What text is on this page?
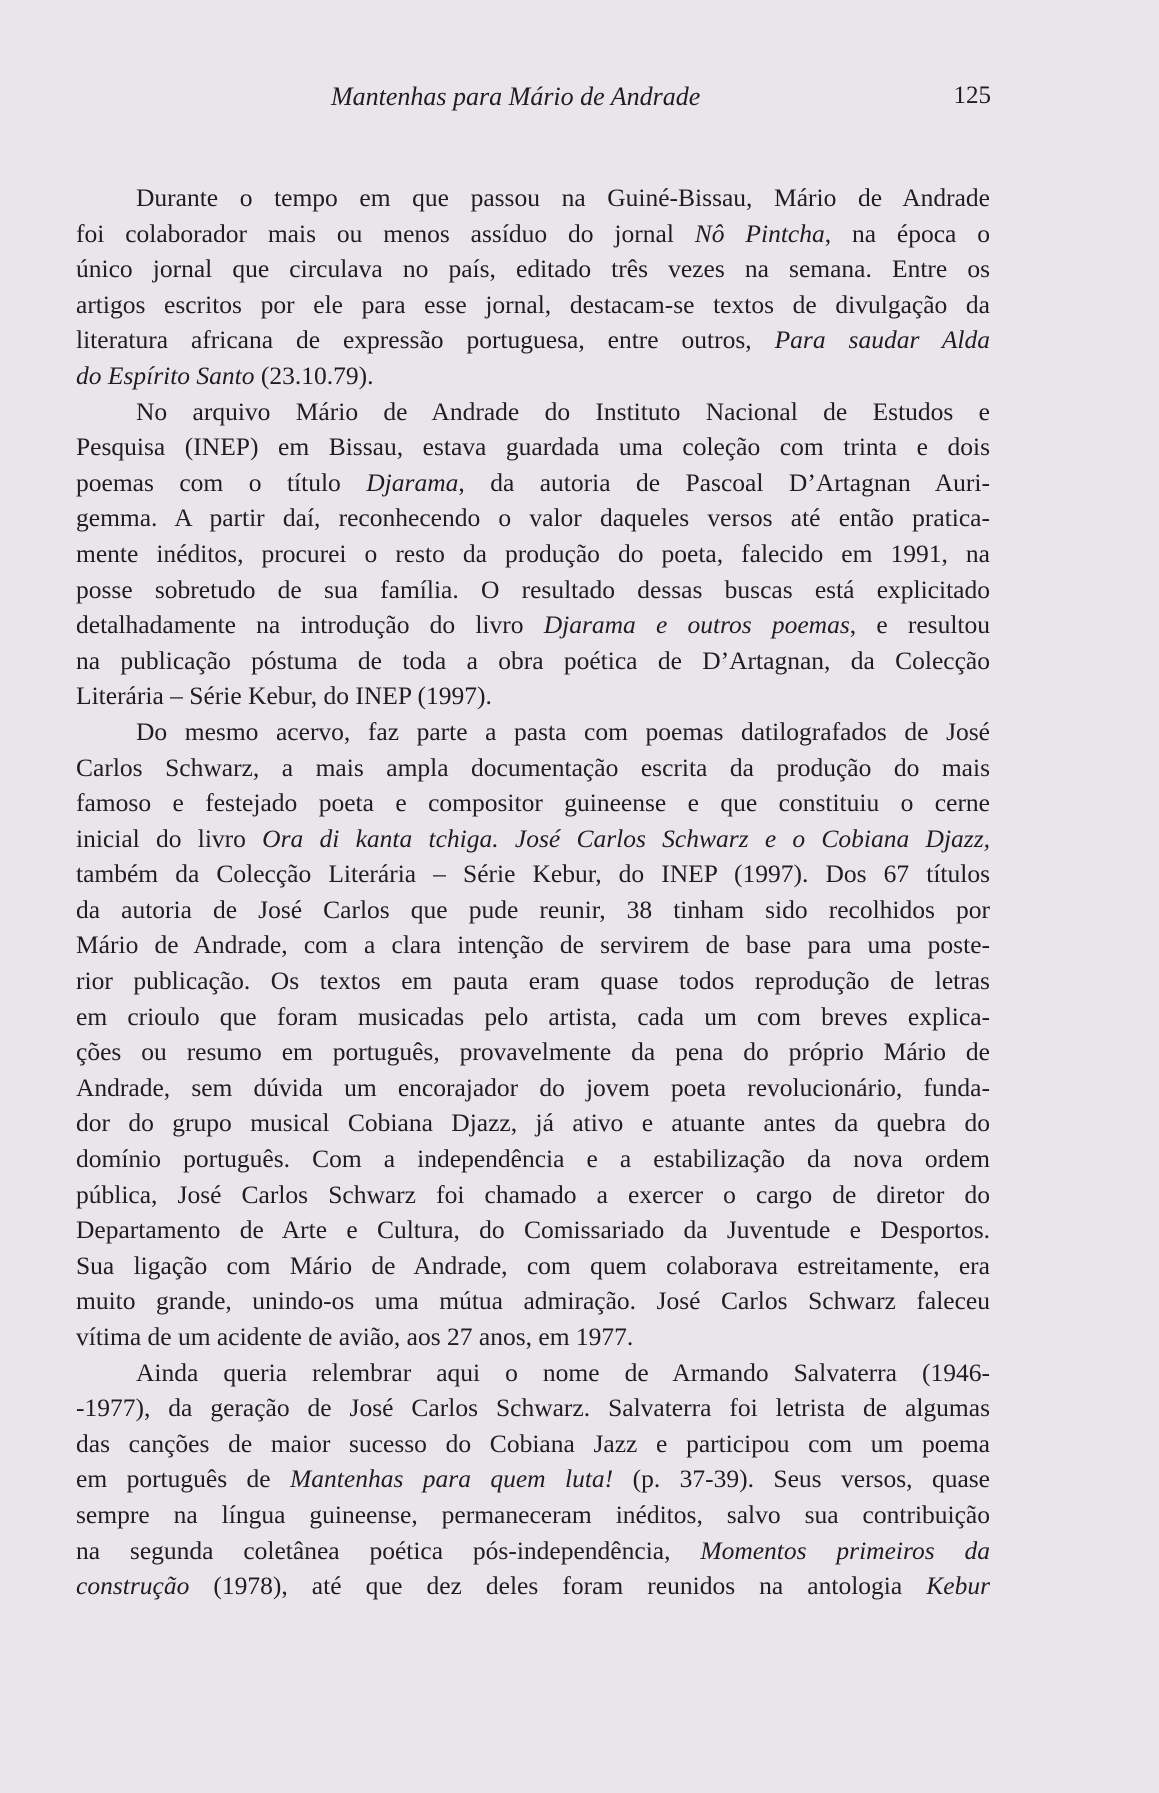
Mantenhas para Mário de Andrade	125
Durante o tempo em que passou na Guiné-Bissau, Mário de Andrade
foi colaborador mais ou menos assíduo do jornal Nô Pintcha, na época o
único jornal que circulava no país, editado três vezes na semana. Entre os
artigos escritos por ele para esse jornal, destacam-se textos de divulgação da
literatura africana de expressão portuguesa, entre outros, Para saudar Alda
do Espírito Santo (23.10.79).
No arquivo Mário de Andrade do Instituto Nacional de Estudos e
Pesquisa (INEP) em Bissau, estava guardada uma coleção com trinta e dois
poemas com o título Djarama, da autoria de Pascoal D’Artagnan Auri-
gemma. A partir daí, reconhecendo o valor daqueles versos até então pratica-
mente inéditos, procurei o resto da produção do poeta, falecido em 1991, na
posse sobretudo de sua família. O resultado dessas buscas está explicitado
detalhadamente na introdução do livro Djarama e outros poemas, e resultou
na publicação póstuma de toda a obra poética de D’Artagnan, da Colecção
Literária – Série Kebur, do INEP (1997).
Do mesmo acervo, faz parte a pasta com poemas datilografados de José
Carlos Schwarz, a mais ampla documentação escrita da produção do mais
famoso e festejado poeta e compositor guineense e que constituiu o cerne
inicial do livro Ora di kanta tchiga. José Carlos Schwarz e o Cobiana Djazz,
também da Colecção Literária – Série Kebur, do INEP (1997). Dos 67 títulos
da autoria de José Carlos que pude reunir, 38 tinham sido recolhidos por
Mário de Andrade, com a clara intenção de servirem de base para uma poste-
rior publicação. Os textos em pauta eram quase todos reprodução de letras
em crioulo que foram musicadas pelo artista, cada um com breves explica-
ções ou resumo em português, provavelmente da pena do próprio Mário de
Andrade, sem dúvida um encorajador do jovem poeta revolucionário, funda-
dor do grupo musical Cobiana Djazz, já ativo e atuante antes da quebra do
domínio português. Com a independência e a estabilização da nova ordem
pública, José Carlos Schwarz foi chamado a exercer o cargo de diretor do
Departamento de Arte e Cultura, do Comissariado da Juventude e Desportos.
Sua ligação com Mário de Andrade, com quem colaborava estreitamente, era
muito grande, unindo-os uma mútua admiração. José Carlos Schwarz faleceu
vítima de um acidente de avião, aos 27 anos, em 1977.
Ainda queria relembrar aqui o nome de Armando Salvaterra (1946-
-1977), da geração de José Carlos Schwarz. Salvaterra foi letrista de algumas
das canções de maior sucesso do Cobiana Jazz e participou com um poema
em português de Mantenhas para quem luta! (p. 37-39). Seus versos, quase
sempre na língua guineense, permaneceram inéditos, salvo sua contribuição
na segunda coletânea poética pós-independência, Momentos primeiros da
construção (1978), até que dez deles foram reunidos na antologia Kebur
